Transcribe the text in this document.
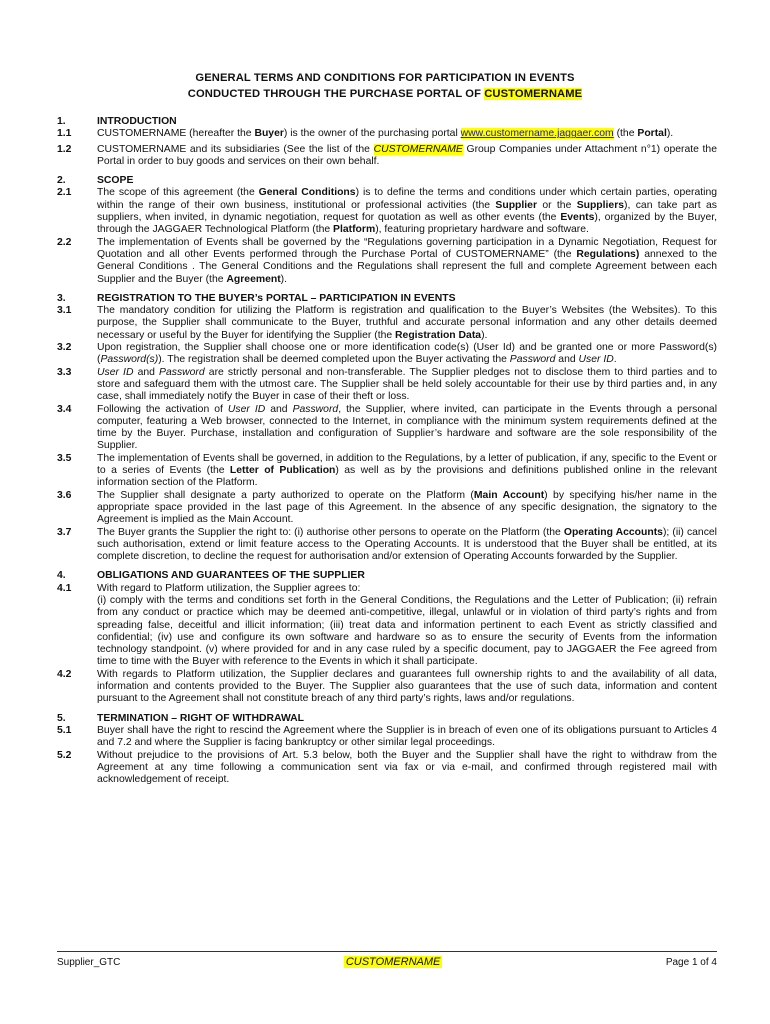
GENERAL TERMS AND CONDITIONS FOR PARTICIPATION IN EVENTS
CONDUCTED THROUGH THE PURCHASE PORTAL OF CUSTOMERNAME
1.	INTRODUCTION
1.1	CUSTOMERNAME (hereafter the Buyer) is the owner of the purchasing portal www.customername.jaggaer.com (the Portal).
1.2	CUSTOMERNAME and its subsidiaries (See the list of the CUSTOMERNAME Group Companies under Attachment n°1) operate the Portal in order to buy goods and services on their own behalf.
2.	SCOPE
2.1	The scope of this agreement (the General Conditions) is to define the terms and conditions under which certain parties, operating within the range of their own business, institutional or professional activities (the Supplier or the Suppliers), can take part as suppliers, when invited, in dynamic negotiation, request for quotation as well as other events (the Events), organized by the Buyer, through the JAGGAER Technological Platform (the Platform), featuring proprietary hardware and software.
2.2	The implementation of Events shall be governed by the “Regulations governing participation in a Dynamic Negotiation, Request for Quotation and all other Events performed through the Purchase Portal of CUSTOMERNAME” (the Regulations) annexed to the General Conditions . The General Conditions and the Regulations shall represent the full and complete Agreement between each Supplier and the Buyer (the Agreement).
3.	REGISTRATION TO THE BUYER’s PORTAL – PARTICIPATION IN EVENTS
3.1	The mandatory condition for utilizing the Platform is registration and qualification to the Buyer’s Websites (the Websites). To this purpose, the Supplier shall communicate to the Buyer, truthful and accurate personal information and any other details deemed necessary or useful by the Buyer for identifying the Supplier (the Registration Data).
3.2	Upon registration, the Supplier shall choose one or more identification code(s) (User Id) and be granted one or more Password(s) (Password(s)). The registration shall be deemed completed upon the Buyer activating the Password and User ID.
3.3	User ID and Password are strictly personal and non-transferable. The Supplier pledges not to disclose them to third parties and to store and safeguard them with the utmost care. The Supplier shall be held solely accountable for their use by third parties and, in any case, shall immediately notify the Buyer in case of their theft or loss.
3.4	Following the activation of User ID and Password, the Supplier, where invited, can participate in the Events through a personal computer, featuring a Web browser, connected to the Internet, in compliance with the minimum system requirements defined at the time by the Buyer. Purchase, installation and configuration of Supplier’s hardware and software are the sole responsibility of the Supplier.
3.5	The implementation of Events shall be governed, in addition to the Regulations, by a letter of publication, if any, specific to the Event or to a series of Events (the Letter of Publication) as well as by the provisions and definitions published online in the relevant information section of the Platform.
3.6	The Supplier shall designate a party authorized to operate on the Platform (Main Account) by specifying his/her name in the appropriate space provided in the last page of this Agreement. In the absence of any specific designation, the signatory to the Agreement is implied as the Main Account.
3.7	The Buyer grants the Supplier the right to: (i) authorise other persons to operate on the Platform (the Operating Accounts); (ii) cancel such authorisation, extend or limit feature access to the Operating Accounts. It is understood that the Buyer shall be entitled, at its complete discretion, to decline the request for authorisation and/or extension of Operating Accounts forwarded by the Supplier.
4.	OBLIGATIONS AND GUARANTEES OF THE SUPPLIER
4.1	With regard to Platform utilization, the Supplier agrees to:
(i) comply with the terms and conditions set forth in the General Conditions, the Regulations and the Letter of Publication; (ii) refrain from any conduct or practice which may be deemed anti-competitive, illegal, unlawful or in violation of third party’s rights and from spreading false, deceitful and illicit information; (iii) treat data and information pertinent to each Event as strictly classified and confidential; (iv) use and configure its own software and hardware so as to ensure the security of Events from the information technology standpoint. (v) where provided for and in any case ruled by a specific document, pay to JAGGAER the Fee agreed from time to time with the Buyer with reference to the Events in which it shall participate.
4.2	With regards to Platform utilization, the Supplier declares and guarantees full ownership rights to and the availability of all data, information and contents provided to the Buyer. The Supplier also guarantees that the use of such data, information and content pursuant to the Agreement shall not constitute breach of any third party’s rights, laws and/or regulations.
5.	TERMINATION – RIGHT OF WITHDRAWAL
5.1	Buyer shall have the right to rescind the Agreement where the Supplier is in breach of even one of its obligations pursuant to Articles 4 and 7.2 and where the Supplier is facing bankruptcy or other similar legal proceedings.
5.2	Without prejudice to the provisions of Art. 5.3 below, both the Buyer and the Supplier shall have the right to withdraw from the Agreement at any time following a communication sent via fax or via e-mail, and confirmed through registered mail with acknowledgement of receipt.
Supplier_GTC	CUSTOMERNAME	Page 1 of 4
